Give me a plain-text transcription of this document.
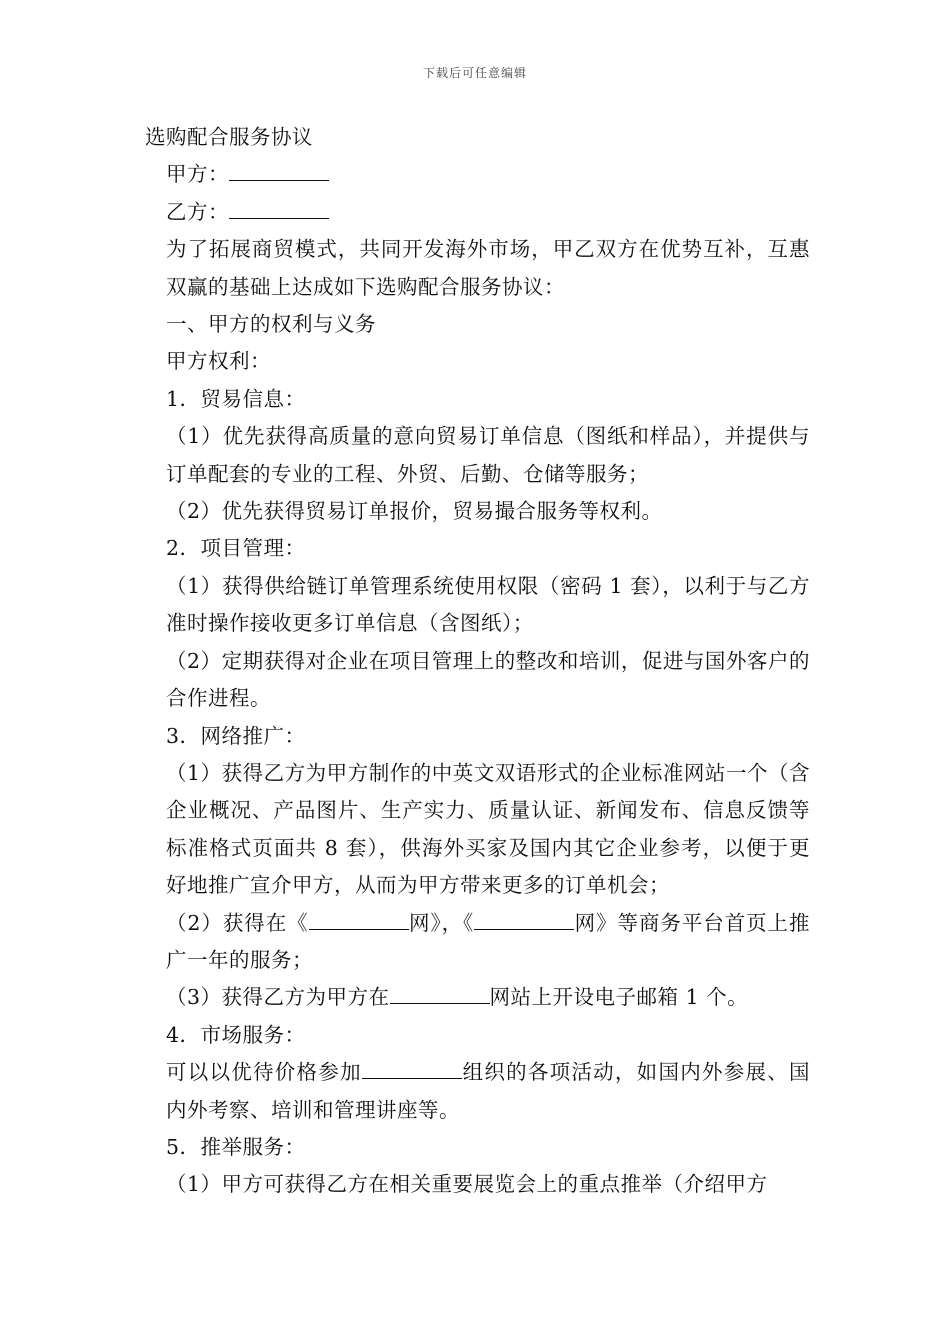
下载后可任意编辑

选购配合服务协议

甲方：

乙方：

为了拓展商贸模式，共同开发海外市场，甲乙双方在优势互补，互惠双赢的基础上达成如下选购配合服务协议：

一、甲方的权利与义务

甲方权利：

1．贸易信息：

（1）优先获得高质量的意向贸易订单信息（图纸和样品），并提供与订单配套的专业的工程、外贸、后勤、仓储等服务；

（2）优先获得贸易订单报价，贸易撮合服务等权利。

2．项目管理：

（1）获得供给链订单管理系统使用权限（密码 1 套），以利于与乙方准时操作接收更多订单信息（含图纸）；

（2）定期获得对企业在项目管理上的整改和培训，促进与国外客户的合作进程。

3．网络推广：

（1）获得乙方为甲方制作的中英文双语形式的企业标准网站一个（含企业概况、产品图片、生产实力、质量认证、新闻发布、信息反馈等标准格式页面共 8 套），供海外买家及国内其它企业参考，以便于更好地推广宣介甲方，从而为甲方带来更多的订单机会；

（2）获得在《	网》，《	网》等商务平台首页上推广一年的服务；

（3）获得乙方为甲方在	网站上开设电子邮箱 1 个。

4．市场服务：

可以以优待价格参加	组织的各项活动，如国内外参展、国内外考察、培训和管理讲座等。

5．推举服务：

（1）甲方可获得乙方在相关重要展览会上的重点推举（介绍甲方
